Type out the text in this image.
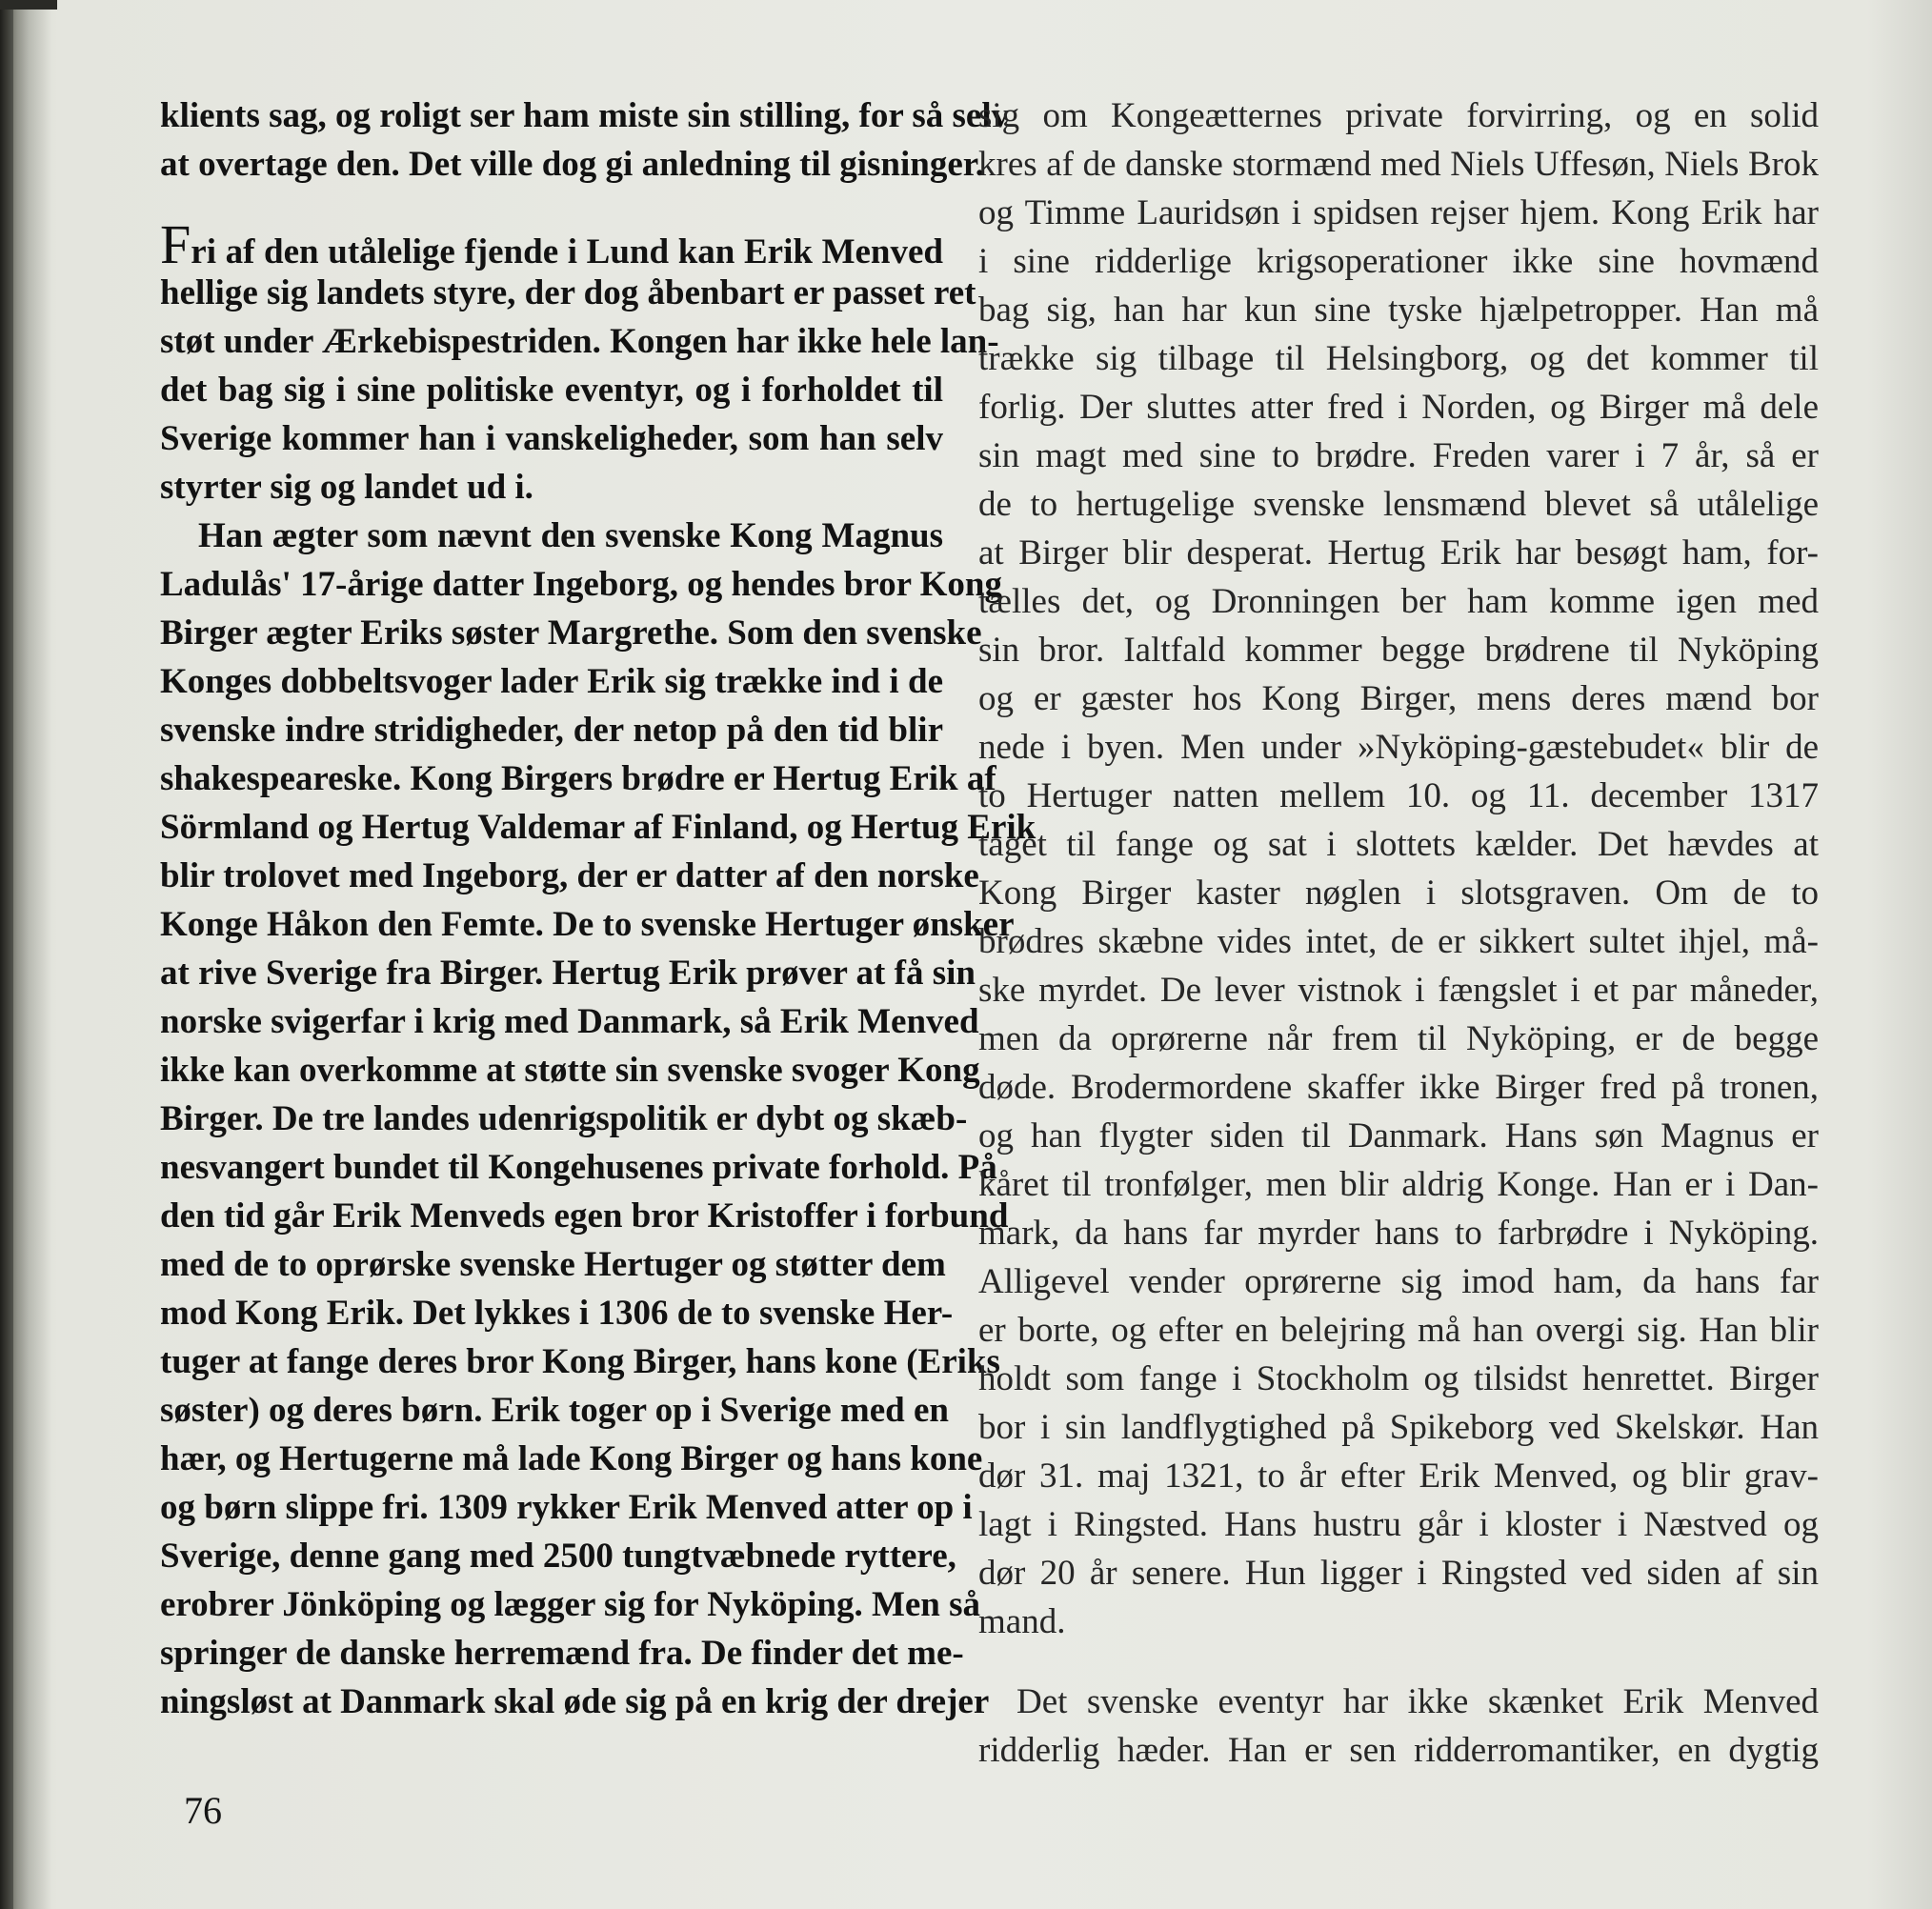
klients sag, og roligt ser ham miste sin stilling, for så selv
at overtage den. Det ville dog gi anledning til gisninger.
Fri af den utålelige fjende i Lund kan Erik Menved
hellige sig landets styre, der dog åbenbart er passet ret
støt under Ærkebispestriden. Kongen har ikke hele lan-
det bag sig i sine politiske eventyr, og i forholdet til
Sverige kommer han i vanskeligheder, som han selv
styrter sig og landet ud i.
Han ægter som nævnt den svenske Kong Magnus
Ladulås' 17-årige datter Ingeborg, og hendes bror Kong
Birger ægter Eriks søster Margrethe. Som den svenske
Konges dobbeltsvoger lader Erik sig trække ind i de
svenske indre stridigheder, der netop på den tid blir
shakespeareske. Kong Birgers brødre er Hertug Erik af
Sörmland og Hertug Valdemar af Finland, og Hertug Erik
blir trolovet med Ingeborg, der er datter af den norske
Konge Håkon den Femte. De to svenske Hertuger ønsker
at rive Sverige fra Birger. Hertug Erik prøver at få sin
norske svigerfar i krig med Danmark, så Erik Menved
ikke kan overkomme at støtte sin svenske svoger Kong
Birger. De tre landes udenrigspolitik er dybt og skæb-
nesvangert bundet til Kongehusenes private forhold. På
den tid går Erik Menveds egen bror Kristoffer i forbund
med de to oprørske svenske Hertuger og støtter dem
mod Kong Erik. Det lykkes i 1306 de to svenske Her-
tuger at fange deres bror Kong Birger, hans kone (Eriks
søster) og deres børn. Erik toger op i Sverige med en
hær, og Hertugerne må lade Kong Birger og hans kone
og børn slippe fri. 1309 rykker Erik Menved atter op i
Sverige, denne gang med 2500 tungtvæbnede ryttere,
erobrer Jönköping og lægger sig for Nyköping. Men så
springer de danske herremænd fra. De finder det me-
ningsløst at Danmark skal øde sig på en krig der drejer
sig om Kongeætternes private forvirring, og en solid
kres af de danske stormænd med Niels Uffesøn, Niels Brok
og Timme Lauridsøn i spidsen rejser hjem. Kong Erik har
i sine ridderlige krigsoperationer ikke sine hovmænd
bag sig, han har kun sine tyske hjælpetropper. Han må
trække sig tilbage til Helsingborg, og det kommer til
forlig. Der sluttes atter fred i Norden, og Birger må dele
sin magt med sine to brødre. Freden varer i 7 år, så er
de to hertugelige svenske lensmænd blevet så utålelige
at Birger blir desperat. Hertug Erik har besøgt ham, for-
tælles det, og Dronningen ber ham komme igen med
sin bror. Ialtfald kommer begge brødrene til Nyköping
og er gæster hos Kong Birger, mens deres mænd bor
nede i byen. Men under »Nyköping-gæstebudet« blir de
to Hertuger natten mellem 10. og 11. december 1317
taget til fange og sat i slottets kælder. Det hævdes at
Kong Birger kaster nøglen i slotsgraven. Om de to
brødres skæbne vides intet, de er sikkert sultet ihjel, må-
ske myrdet. De lever vistnok i fængslet i et par måneder,
men da oprørerne når frem til Nyköping, er de begge
døde. Brodermordene skaffer ikke Birger fred på tronen,
og han flygter siden til Danmark. Hans søn Magnus er
kåret til tronfølger, men blir aldrig Konge. Han er i Dan-
mark, da hans far myrder hans to farbrødre i Nyköping.
Alligevel vender oprørerne sig imod ham, da hans far
er borte, og efter en belejring må han overgi sig. Han blir
holdt som fange i Stockholm og tilsidst henrettet. Birger
bor i sin landflygtighed på Spikeborg ved Skelskør. Han
dør 31. maj 1321, to år efter Erik Menved, og blir grav-
lagt i Ringsted. Hans hustru går i kloster i Næstved og
dør 20 år senere. Hun ligger i Ringsted ved siden af sin
mand.
Det svenske eventyr har ikke skænket Erik Menved
ridderlig hæder. Han er sen ridderromantiker, en dygtig
76
